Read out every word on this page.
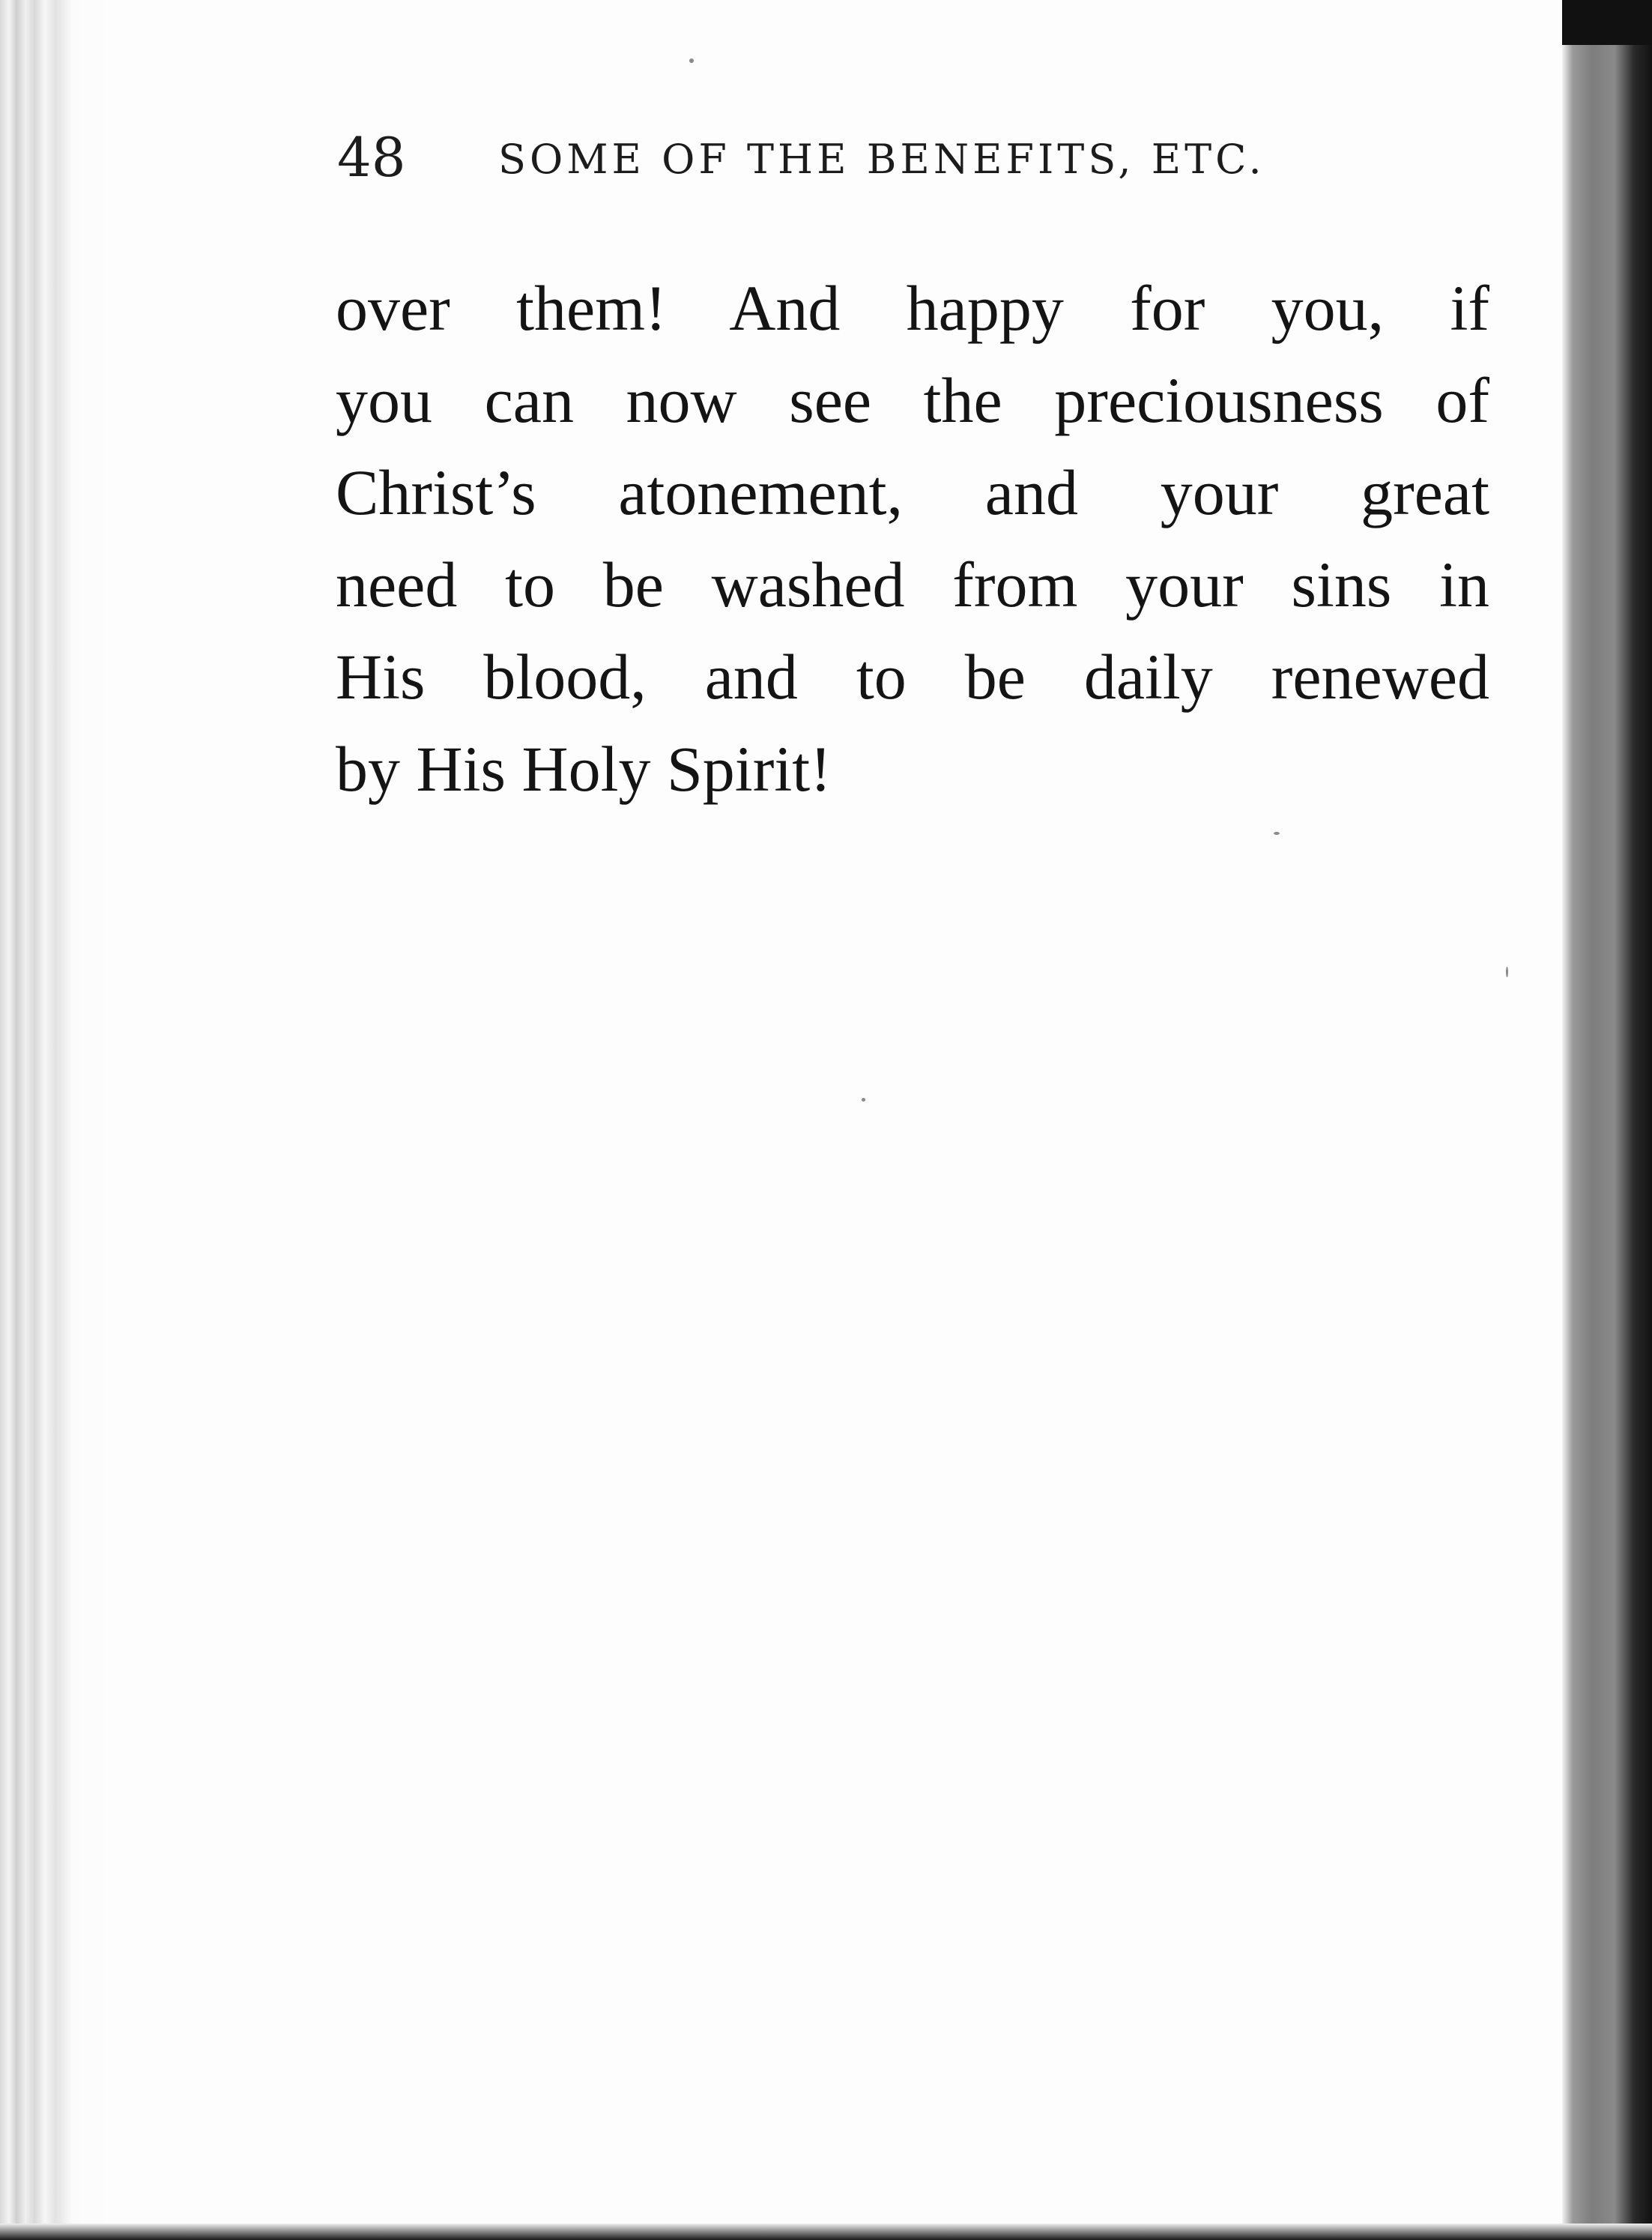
48 SOME OF THE BENEFITS, ETC.
over them! And happy for you, if
you can now see the preciousness of
Christ’s atonement, and your great
need to be washed from your sins in
His blood, and to be daily renewed
by His Holy Spirit!
